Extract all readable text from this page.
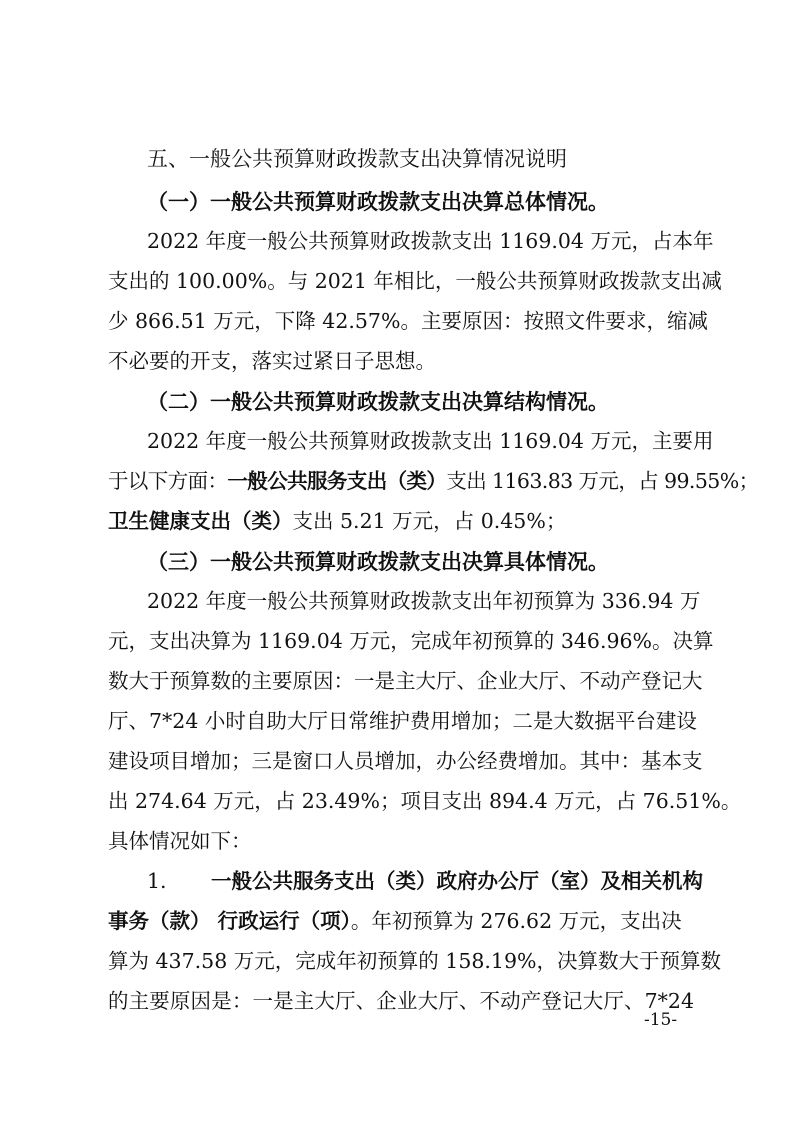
五、一般公共预算财政拨款支出决算情况说明
（一）一般公共预算财政拨款支出决算总体情况。
2022 年度一般公共预算财政拨款支出 1169.04 万元，占本年
支出的 100.00%。与 2021 年相比，一般公共预算财政拨款支出减
少 866.51 万元，下降 42.57%。主要原因：按照文件要求，缩减
不必要的开支，落实过紧日子思想。
（二）一般公共预算财政拨款支出决算结构情况。
2022 年度一般公共预算财政拨款支出 1169.04 万元，主要用
于以下方面：一般公共服务支出（类）支出 1163.83 万元，占 99.55%；
卫生健康支出（类）支出 5.21 万元，占 0.45%；
（三）一般公共预算财政拨款支出决算具体情况。
2022 年度一般公共预算财政拨款支出年初预算为 336.94 万
元，支出决算为 1169.04 万元，完成年初预算的 346.96%。决算
数大于预算数的主要原因：一是主大厅、企业大厅、不动产登记大
厅、7*24 小时自助大厅日常维护费用增加；二是大数据平台建设
建设项目增加；三是窗口人员增加，办公经费增加。其中：基本支
出 274.64 万元，占 23.49%；项目支出 894.4 万元，占 76.51%。
具体情况如下：
1. 一般公共服务支出（类）政府办公厅（室）及相关机构
事务（款） 行政运行（项）。年初预算为 276.62 万元，支出决
算为 437.58 万元，完成年初预算的 158.19%，决算数大于预算数
的主要原因是：一是主大厅、企业大厅、不动产登记大厅、7*24
-15-
